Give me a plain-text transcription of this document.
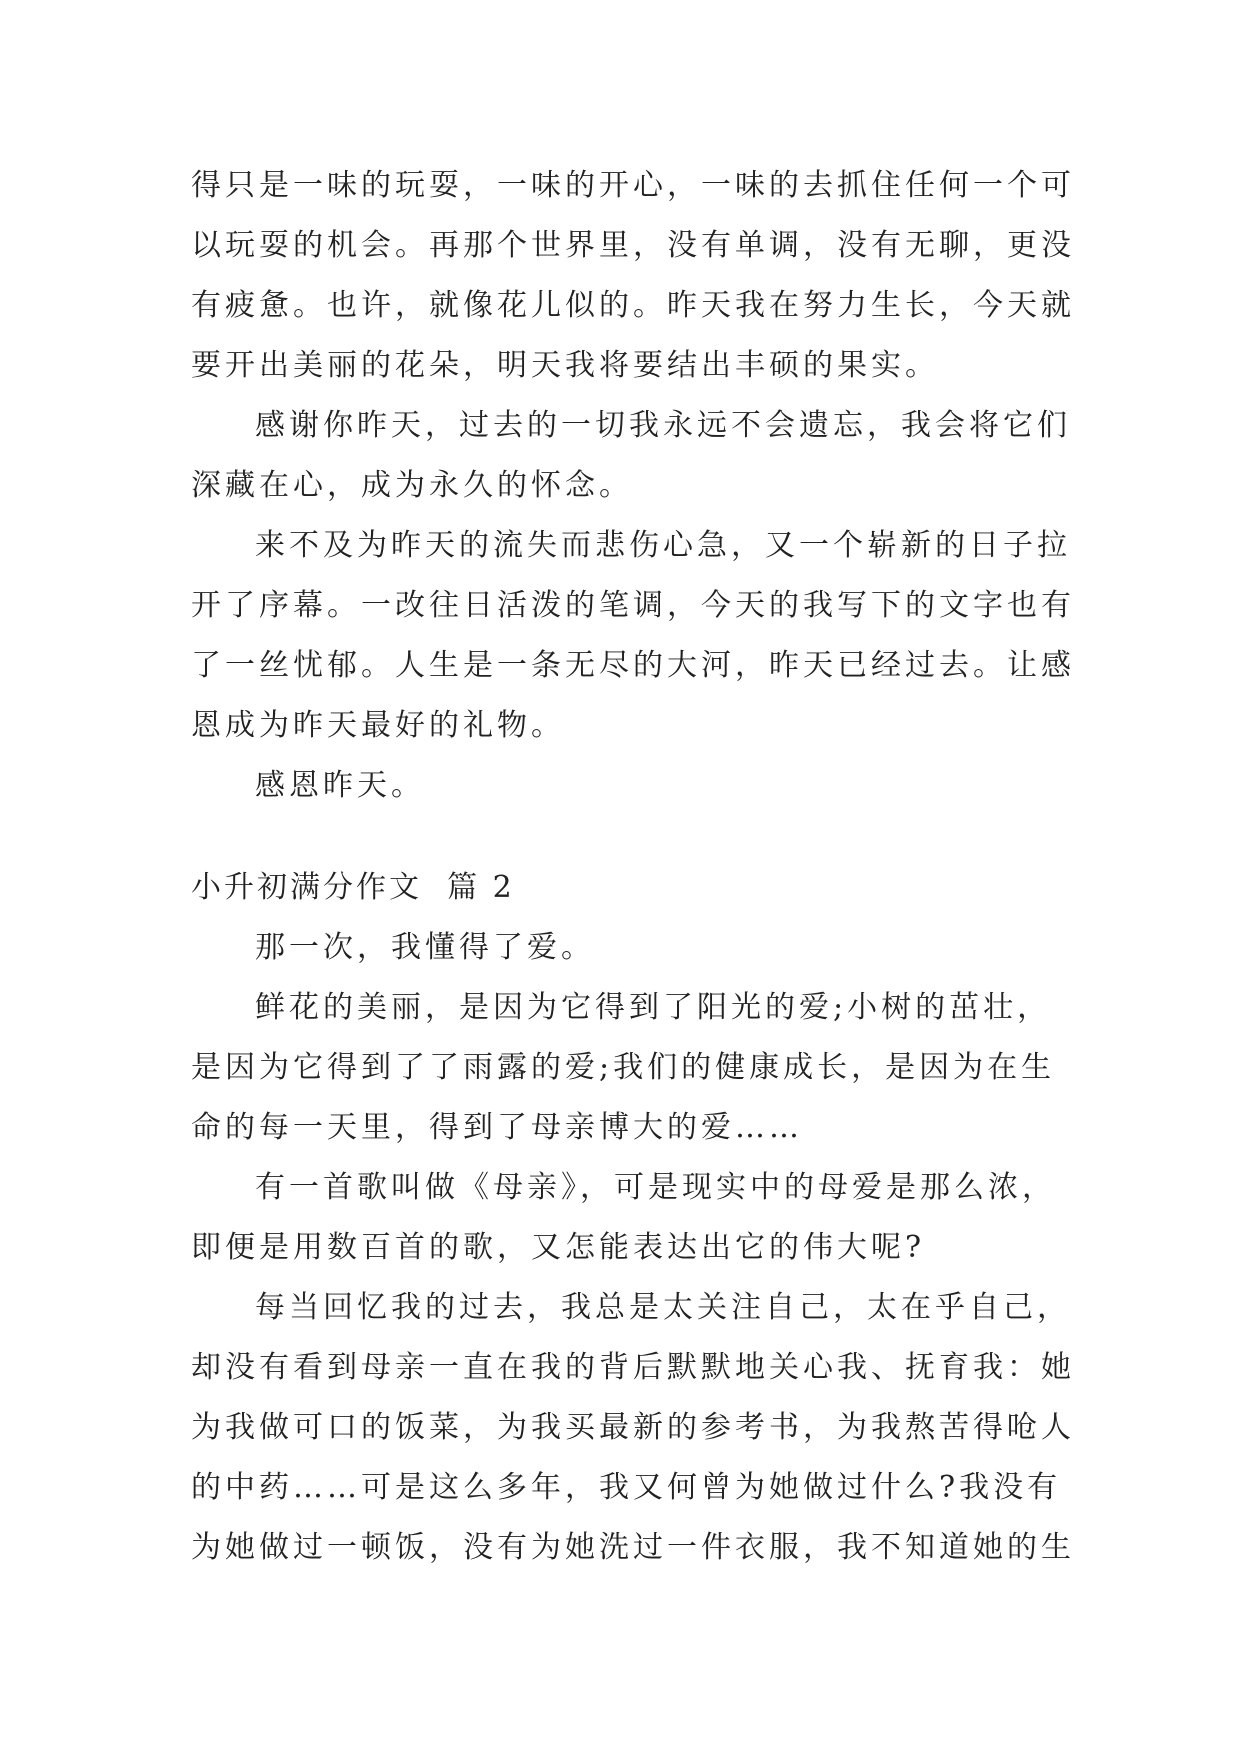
得只是一味的玩耍，一味的开心，一味的去抓住任何一个可
以玩耍的机会。再那个世界里，没有单调，没有无聊，更没
有疲惫。也许，就像花儿似的。昨天我在努力生长，今天就
要开出美丽的花朵，明天我将要结出丰硕的果实。
感谢你昨天，过去的一切我永远不会遗忘，我会将它们
深藏在心，成为永久的怀念。
来不及为昨天的流失而悲伤心急，又一个崭新的日子拉
开了序幕。一改往日活泼的笔调，今天的我写下的文字也有
了一丝忧郁。人生是一条无尽的大河，昨天已经过去。让感
恩成为昨天最好的礼物。
感恩昨天。
小升初满分作文  篇 2
那一次，我懂得了爱。
鲜花的美丽，是因为它得到了阳光的爱;小树的茁壮，
是因为它得到了了雨露的爱;我们的健康成长，是因为在生
命的每一天里，得到了母亲博大的爱……
有一首歌叫做《母亲》，可是现实中的母爱是那么浓，
即便是用数百首的歌，又怎能表达出它的伟大呢?
每当回忆我的过去，我总是太关注自己，太在乎自己，
却没有看到母亲一直在我的背后默默地关心我、抚育我：她
为我做可口的饭菜，为我买最新的参考书，为我熬苦得呛人
的中药……可是这么多年，我又何曾为她做过什么?我没有
为她做过一顿饭，没有为她洗过一件衣服，我不知道她的生
